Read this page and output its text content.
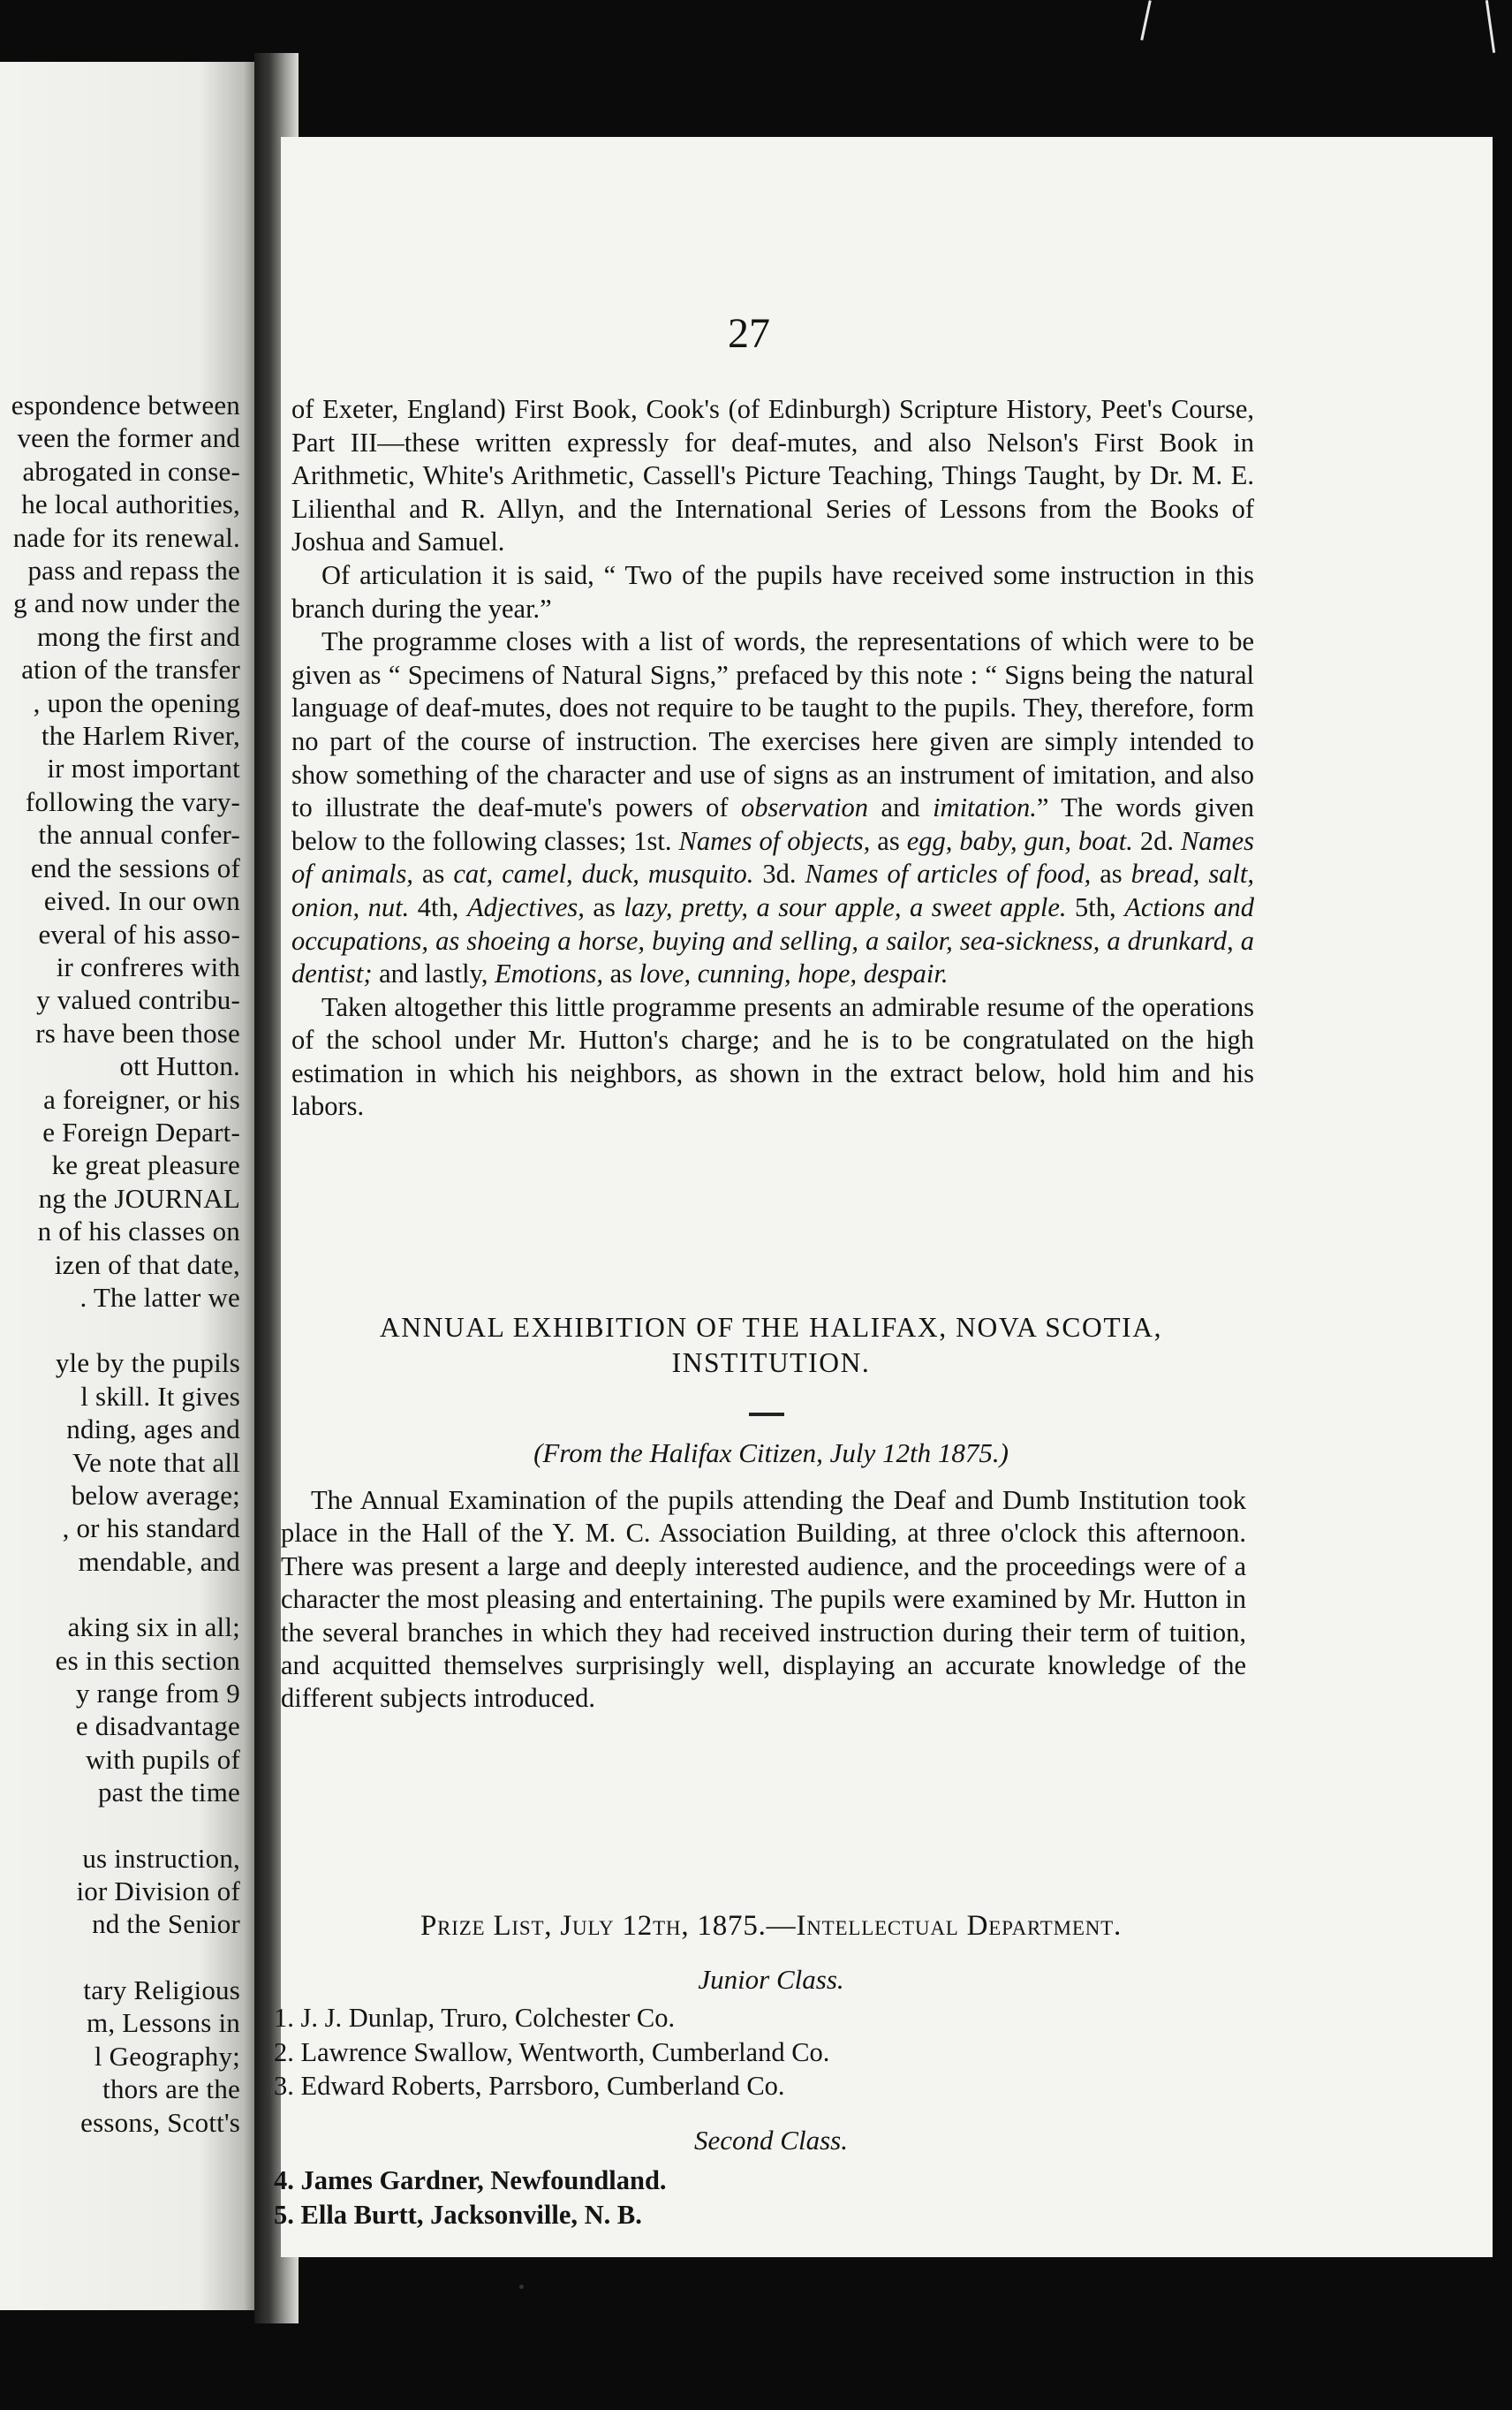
espondence between
veen the former and
abrogated in conse-
he local authorities,
nade for its renewal.
pass and repass the
g and now under the
mong the first and
ation of the transfer
, upon the opening
the Harlem River,
ir most important
following the vary-
the annual confer-
end the sessions of
eived. In our own
everal of his asso-
ir confreres with
y valued contribu-
rs have been those
ott Hutton.
a foreigner, or his
e Foreign Depart-
ke great pleasure
ng the JOURNAL
n of his classes on
izen of that date,
. The latter we
yle by the pupils
l skill. It gives
nding, ages and
Ve note that all
below average;
, or his standard
mendable, and
aking six in all;
es in this section
y range from 9
e disadvantage
with pupils of
past the time
us instruction,
ior Division of
nd the Senior
tary Religious
m, Lessons in
l Geography;
thors are the
essons, Scott's
27

of Exeter, England) First Book, Cook's (of Edinburgh) Scripture History, Peet's Course, Part III—these written expressly for deaf-mutes, and also Nelson's First Book in Arithmetic, White's Arithmetic, Cassell's Picture Teaching, Things Taught, by Dr. M. E. Lilienthal and R. Allyn, and the International Series of Lessons from the Books of Joshua and Samuel.

Of articulation it is said, “ Two of the pupils have received some instruction in this branch during the year.”

The programme closes with a list of words, the representations of which were to be given as “ Specimens of Natural Signs,” prefaced by this note : “ Signs being the natural language of deaf-mutes, does not require to be taught to the pupils. They, therefore, form no part of the course of instruction. The exercises here given are simply intended to show something of the character and use of signs as an instrument of imitation, and also to illustrate the deaf-mute's powers of observation and imitation.” The words given below to the following classes; 1st. Names of objects, as egg, baby, gun, boat. 2d. Names of animals, as cat, camel, duck, musquito. 3d. Names of articles of food, as bread, salt, onion, nut. 4th, Adjectives, as lazy, pretty, a sour apple, a sweet apple. 5th, Actions and occupations, as shoeing a horse, buying and selling, a sailor, sea-sickness, a drunkard, a dentist; and lastly, Emotions, as love, cunning, hope, despair.

Taken altogether this little programme presents an admirable resume of the operations of the school under Mr. Hutton's charge; and he is to be congratulated on the high estimation in which his neighbors, as shown in the extract below, hold him and his labors.

ANNUAL EXHIBITION OF THE HALIFAX, NOVA SCOTIA,
INSTITUTION.
(From the Halifax Citizen, July 12th 1875.)
The Annual Examination of the pupils attending the Deaf and Dumb Institution took place in the Hall of the Y. M. C. Association Building, at three o'clock this afternoon. There was present a large and deeply interested audience, and the proceedings were of a character the most pleasing and entertaining. The pupils were examined by Mr. Hutton in the several branches in which they had received instruction during their term of tuition, and acquitted themselves surprisingly well, displaying an accurate knowledge of the different subjects introduced.
Prize List, July 12th, 1875.—Intellectual Department.
Junior Class.
1. J. J. Dunlap, Truro, Colchester Co.
2. Lawrence Swallow, Wentworth, Cumberland Co.
3. Edward Roberts, Parrsboro, Cumberland Co.
Second Class.
4. James Gardner, Newfoundland.
5. Ella Burtt, Jacksonville, N. B.
